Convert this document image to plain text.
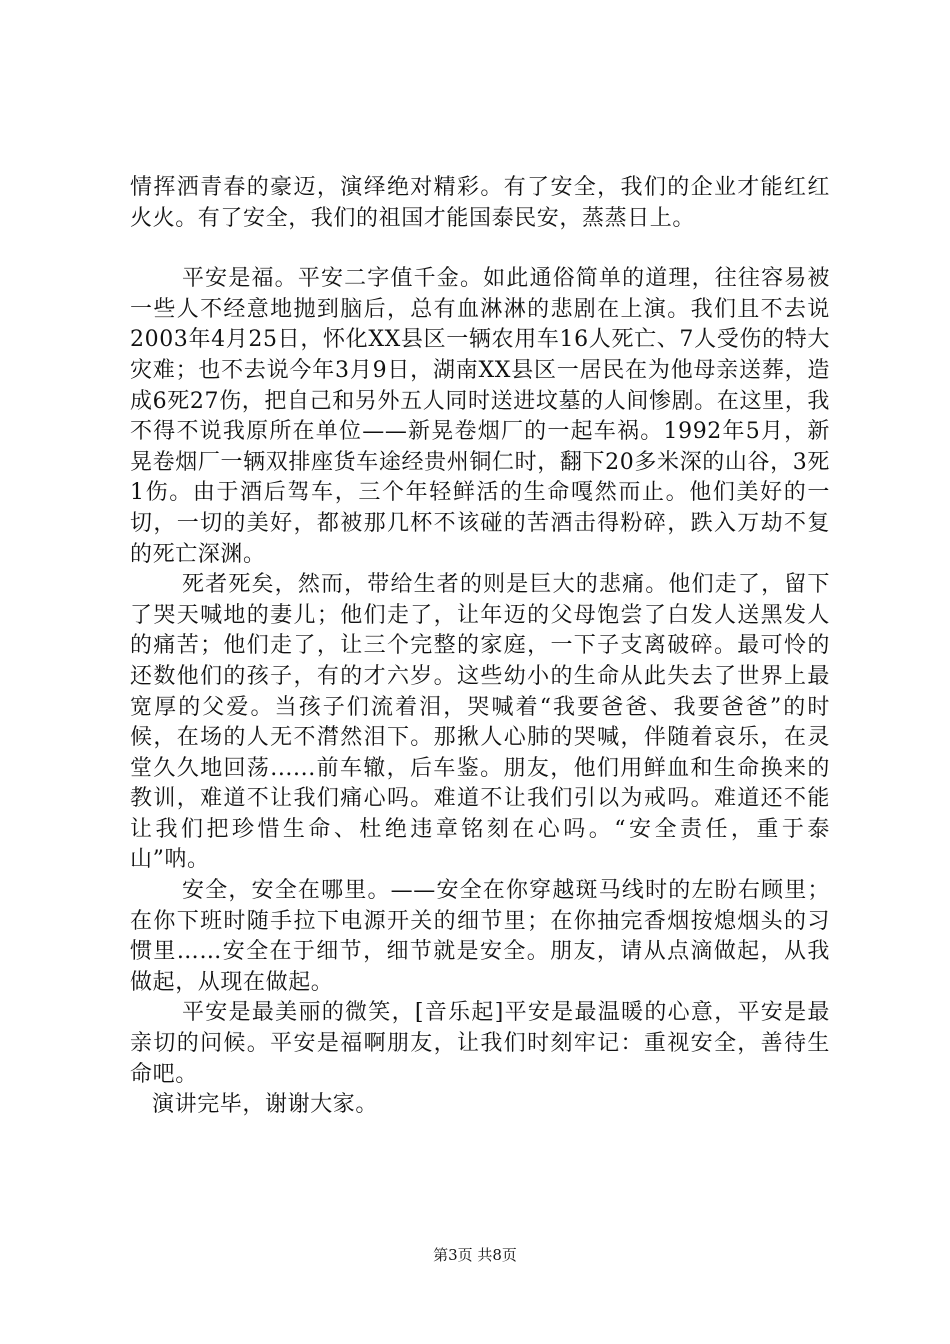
情挥洒青春的豪迈，演绎绝对精彩。有了安全，我们的企业才能红红火火。有了安全，我们的祖国才能国泰民安，蒸蒸日上。

平安是福。平安二字值千金。如此通俗简单的道理，往往容易被一些人不经意地抛到脑后，总有血淋淋的悲剧在上演。我们且不去说2003年4月25日，怀化XX县区一辆农用车16人死亡、7人受伤的特大灾难；也不去说今年3月9日，湖南XX县区一居民在为他母亲送葬，造成6死27伤，把自己和另外五人同时送进坟墓的人间惨剧。在这里，我不得不说我原所在单位——新晃卷烟厂的一起车祸。1992年5月，新晃卷烟厂一辆双排座货车途经贵州铜仁时，翻下20多米深的山谷，3死1伤。由于酒后驾车，三个年轻鲜活的生命嘎然而止。他们美好的一切，一切的美好，都被那几杯不该碰的苦酒击得粉碎，跌入万劫不复的死亡深渊。

死者死矣，然而，带给生者的则是巨大的悲痛。他们走了，留下了哭天喊地的妻儿；他们走了，让年迈的父母饱尝了白发人送黑发人的痛苦；他们走了，让三个完整的家庭，一下子支离破碎。最可怜的还数他们的孩子，有的才六岁。这些幼小的生命从此失去了世界上最宽厚的父爱。当孩子们流着泪，哭喊着“我要爸爸、我要爸爸”的时候，在场的人无不潸然泪下。那揪人心肺的哭喊，伴随着哀乐，在灵堂久久地回荡......前车辙，后车鉴。朋友，他们用鲜血和生命换来的教训，难道不让我们痛心吗。难道不让我们引以为戒吗。难道还不能让我们把珍惜生命、杜绝违章铭刻在心吗。“安全责任，重于泰山”呐。

安全，安全在哪里。——安全在你穿越斑马线时的左盼右顾里；在你下班时随手拉下电源开关的细节里；在你抽完香烟按熄烟头的习惯里……安全在于细节，细节就是安全。朋友，请从点滴做起，从我做起，从现在做起。

平安是最美丽的微笑，[音乐起]平安是最温暖的心意，平安是最亲切的问候。平安是福啊朋友，让我们时刻牢记：重视安全，善待生命吧。

演讲完毕，谢谢大家。

第3页 共8页
